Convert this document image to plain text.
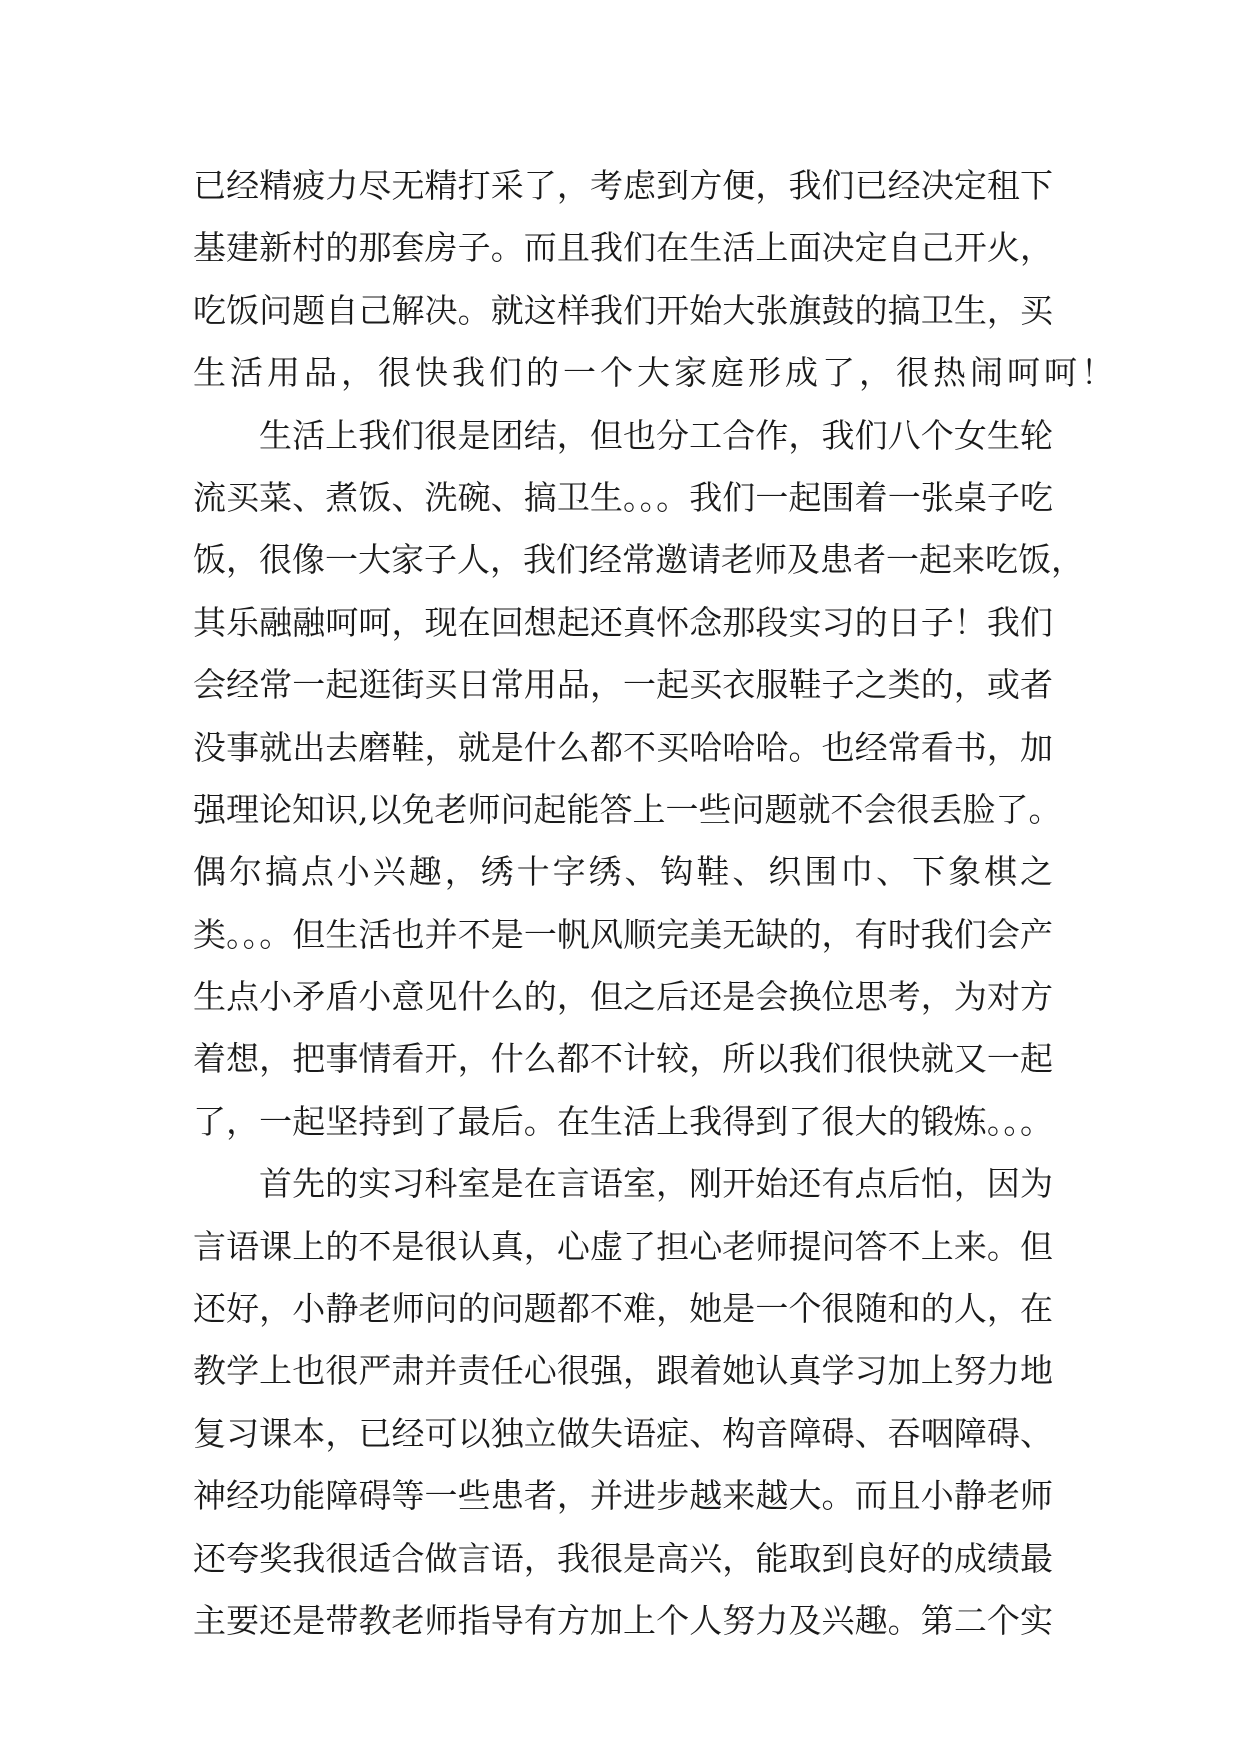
已经精疲力尽无精打采了，考虑到方便，我们已经决定租下
基建新村的那套房子。而且我们在生活上面决定自己开火，
吃饭问题自己解决。就这样我们开始大张旗鼓的搞卫生，买
生活用品，很快我们的一个大家庭形成了，很热闹呵呵！
生活上我们很是团结，但也分工合作，我们八个女生轮
流买菜、煮饭、洗碗、搞卫生。。。我们一起围着一张桌子吃
饭，很像一大家子人，我们经常邀请老师及患者一起来吃饭，
其乐融融呵呵，现在回想起还真怀念那段实习的日子！我们
会经常一起逛街买日常用品，一起买衣服鞋子之类的，或者
没事就出去磨鞋，就是什么都不买哈哈哈。也经常看书，加
强理论知识,以免老师问起能答上一些问题就不会很丢脸了。
偶尔搞点小兴趣，绣十字绣、钩鞋、织围巾、下象棋之
类。。。但生活也并不是一帆风顺完美无缺的，有时我们会产
生点小矛盾小意见什么的，但之后还是会换位思考，为对方
着想，把事情看开，什么都不计较，所以我们很快就又一起
了，一起坚持到了最后。在生活上我得到了很大的锻炼。。。
首先的实习科室是在言语室，刚开始还有点后怕，因为
言语课上的不是很认真，心虚了担心老师提问答不上来。但
还好，小静老师问的问题都不难，她是一个很随和的人，在
教学上也很严肃并责任心很强，跟着她认真学习加上努力地
复习课本，已经可以独立做失语症、构音障碍、吞咽障碍、
神经功能障碍等一些患者，并进步越来越大。而且小静老师
还夸奖我很适合做言语，我很是高兴，能取到良好的成绩最
主要还是带教老师指导有方加上个人努力及兴趣。第二个实
